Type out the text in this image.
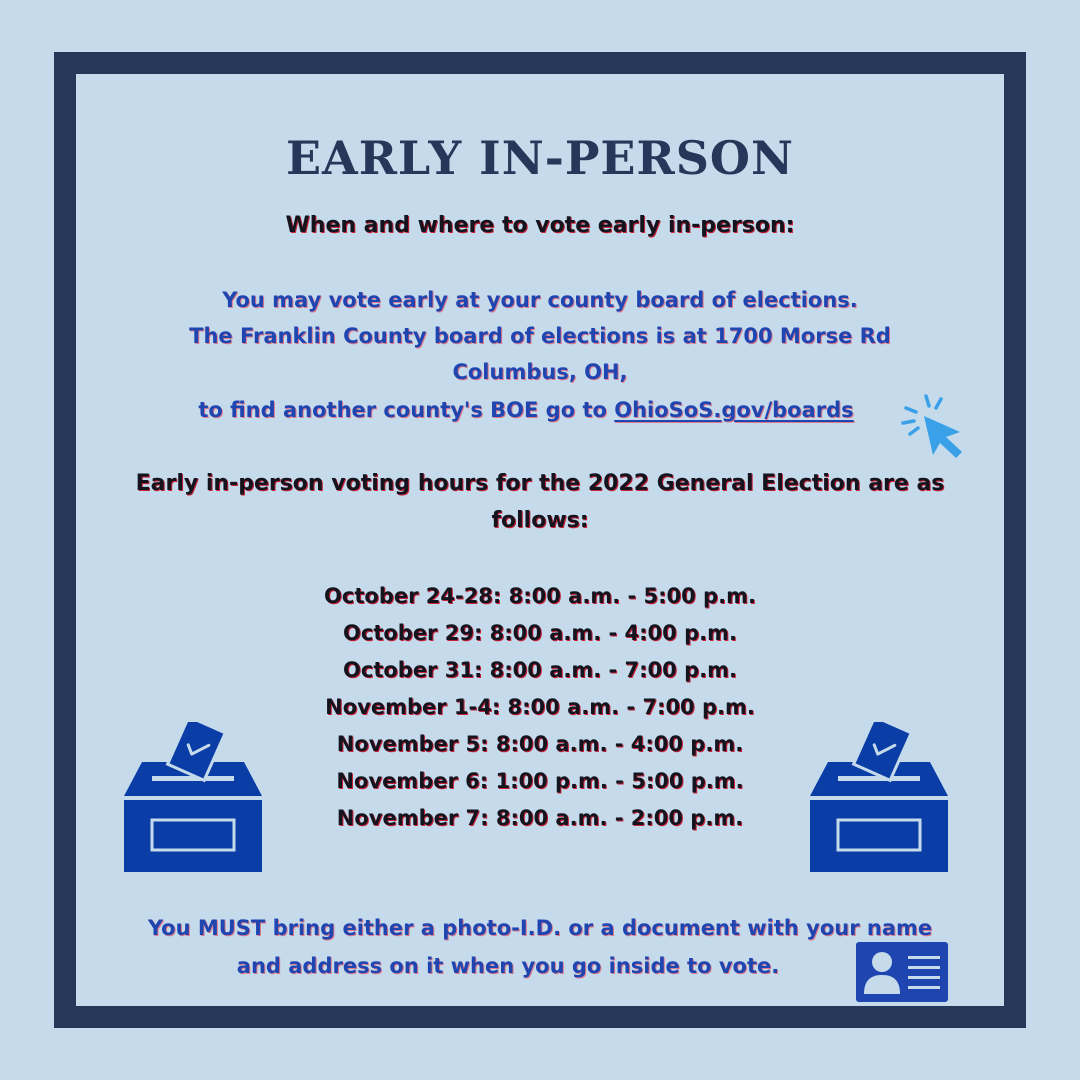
EARLY IN-PERSON
When and where to vote early in-person:
You may vote early at your county board of elections.
The Franklin County board of elections is at 1700 Morse Rd
Columbus, OH,
to find another county's BOE go to OhioSoS.gov/boards
Early in-person voting hours for the 2022 General Election are as
follows:
October 24-28: 8:00 a.m. - 5:00 p.m.
October 29: 8:00 a.m. - 4:00 p.m.
October 31: 8:00 a.m. - 7:00 p.m.
November 1-4: 8:00 a.m. - 7:00 p.m.
November 5: 8:00 a.m. - 4:00 p.m.
November 6: 1:00 p.m. - 5:00 p.m.
November 7: 8:00 a.m. - 2:00 p.m.
You MUST bring either a photo-I.D. or a document with your name
and address on it when you go inside to vote.
